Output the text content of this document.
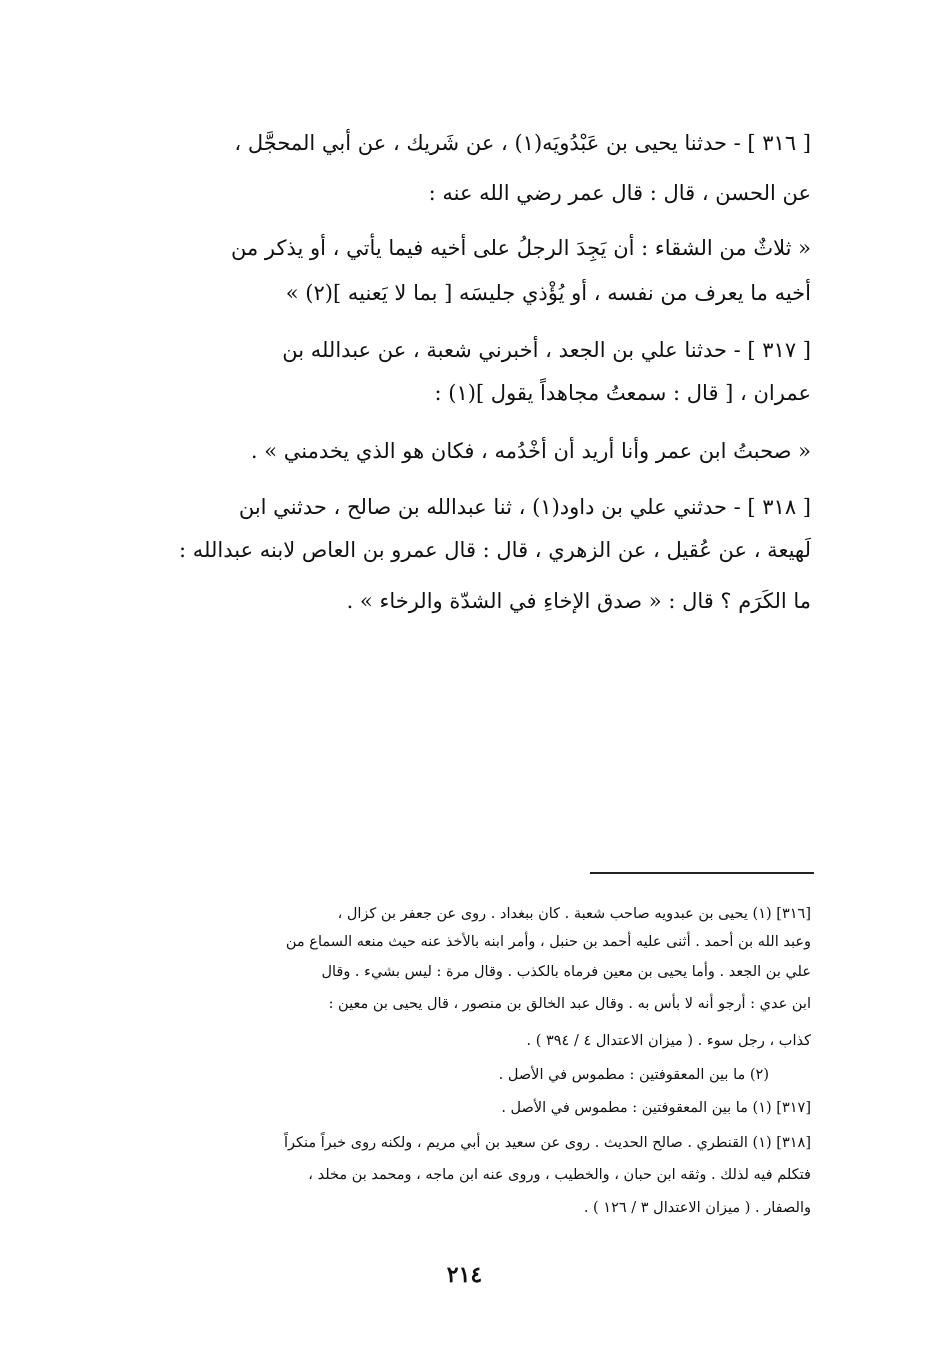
[ ٣١٦ ] - حدثنا يحيى بن عَبْدُويَه(١) ، عن شَريك ، عن أبي المحجَّل ،
عن الحسن ، قال : قال عمر رضي الله عنه :
« ثلاثٌ من الشقاء : أن يَجِدَ الرجلُ على أخيه فيما يأتي ، أو يذكر من
أخيه ما يعرف من نفسه ، أو يُؤْذي جليسَه [ بما لا يَعنيه ](٢) »
[ ٣١٧ ] - حدثنا علي بن الجعد ، أخبرني شعبة ، عن عبدالله بن
عمران ، [ قال : سمعتُ مجاهداً يقول ](١) :
« صحبتُ ابن عمر وأنا أريد أن أخْدُمه ، فكان هو الذي يخدمني » .
[ ٣١٨ ] - حدثني علي بن داود(١) ، ثنا عبدالله بن صالح ، حدثني ابن
لَهيعة ، عن عُقيل ، عن الزهري ، قال : قال عمرو بن العاص لابنه عبدالله :
ما الكَرَم ؟ قال : « صدق الإخاءِ في الشدّة والرخاء » .
[٣١٦] (١) يحيى بن عبدويه صاحب شعبة . كان ببغداد . روى عن جعفر بن كزال ،
وعبد الله بن أحمد . أثنى عليه أحمد بن حنبل ، وأمر ابنه بالأخذ عنه حيث منعه السماع من
علي بن الجعد . وأما يحيى بن معين فرماه بالكذب . وقال مرة : ليس بشيء . وقال
ابن عدي : أرجو أنه لا بأس به . وقال عبد الخالق بن منصور ، قال يحيى بن معين :
كذاب ، رجل سوء . ( ميزان الاعتدال ٤ / ٣٩٤ ) .
(٢) ما بين المعقوفتين : مطموس في الأصل .
[٣١٧] (١) ما بين المعقوفتين : مطموس في الأصل .
[٣١٨] (١) القنطري . صالح الحديث . روى عن سعيد بن أبي مريم ، ولكنه روى خبراً منكراً
فتكلم فيه لذلك . وثقه ابن حبان ، والخطيب ، وروى عنه ابن ماجه ، ومحمد بن مخلد ،
والصفار . ( ميزان الاعتدال ٣ / ١٢٦ ) .
٢١٤
